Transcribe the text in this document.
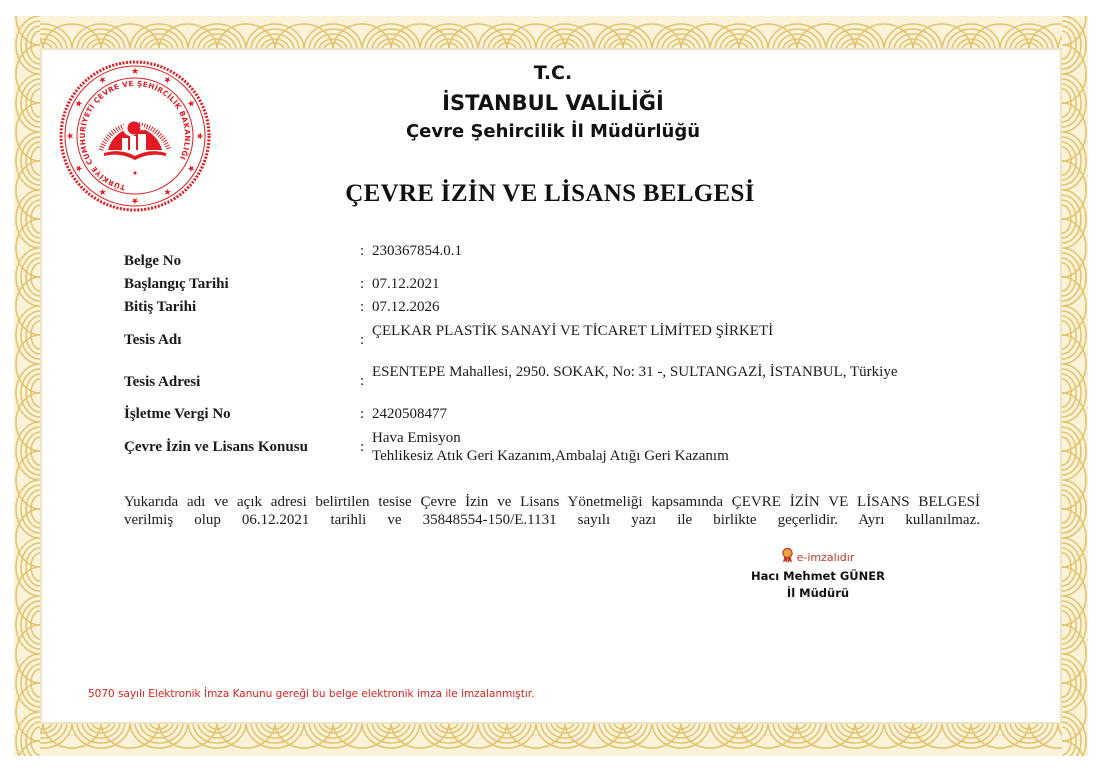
★
★
★
★
★
★
★
★
★
★
★
★
TÜRKİYE CUMHURİYETİ ÇEVRE VE ŞEHİRCİLİK BAKANLIĞI
★
T.C.
İSTANBUL VALİLİĞİ
Çevre Şehircilik İl Müdürlüğü
ÇEVRE İZİN VE LİSANS BELGESİ
Belge No
: 230367854.0.1
Başlangıç Tarihi	: 07.12.2021
Bitiş Tarihi	: 07.12.2026
Tesis Adı	:
ÇELKAR PLASTİK SANAYİ VE TİCARET LİMİTED ŞİRKETİ
Tesis Adresi	:
ESENTEPE Mahallesi, 2950. SOKAK, No: 31 -, SULTANGAZİ, İSTANBUL, Türkiye
İşletme Vergi No	: 2420508477
Çevre İzin ve Lisans Konusu	:
Hava Emisyon
Tehlikesiz Atık Geri Kazanım,Ambalaj Atığı Geri Kazanım
Yukarıda adı ve açık adresi belirtilen tesise Çevre İzin ve Lisans Yönetmeliği kapsamında ÇEVRE İZİN VE LİSANS BELGESİ
verilmiş olup 06.12.2021 tarihli ve 35848554-150/E.1131 sayılı yazı ile birlikte geçerlidir. Ayrı kullanılmaz.
e-imzalıdır
Hacı Mehmet GÜNER
İl Müdürü
5070 sayılı Elektronik İmza Kanunu gereği bu belge elektronik imza ile imzalanmıştır.
